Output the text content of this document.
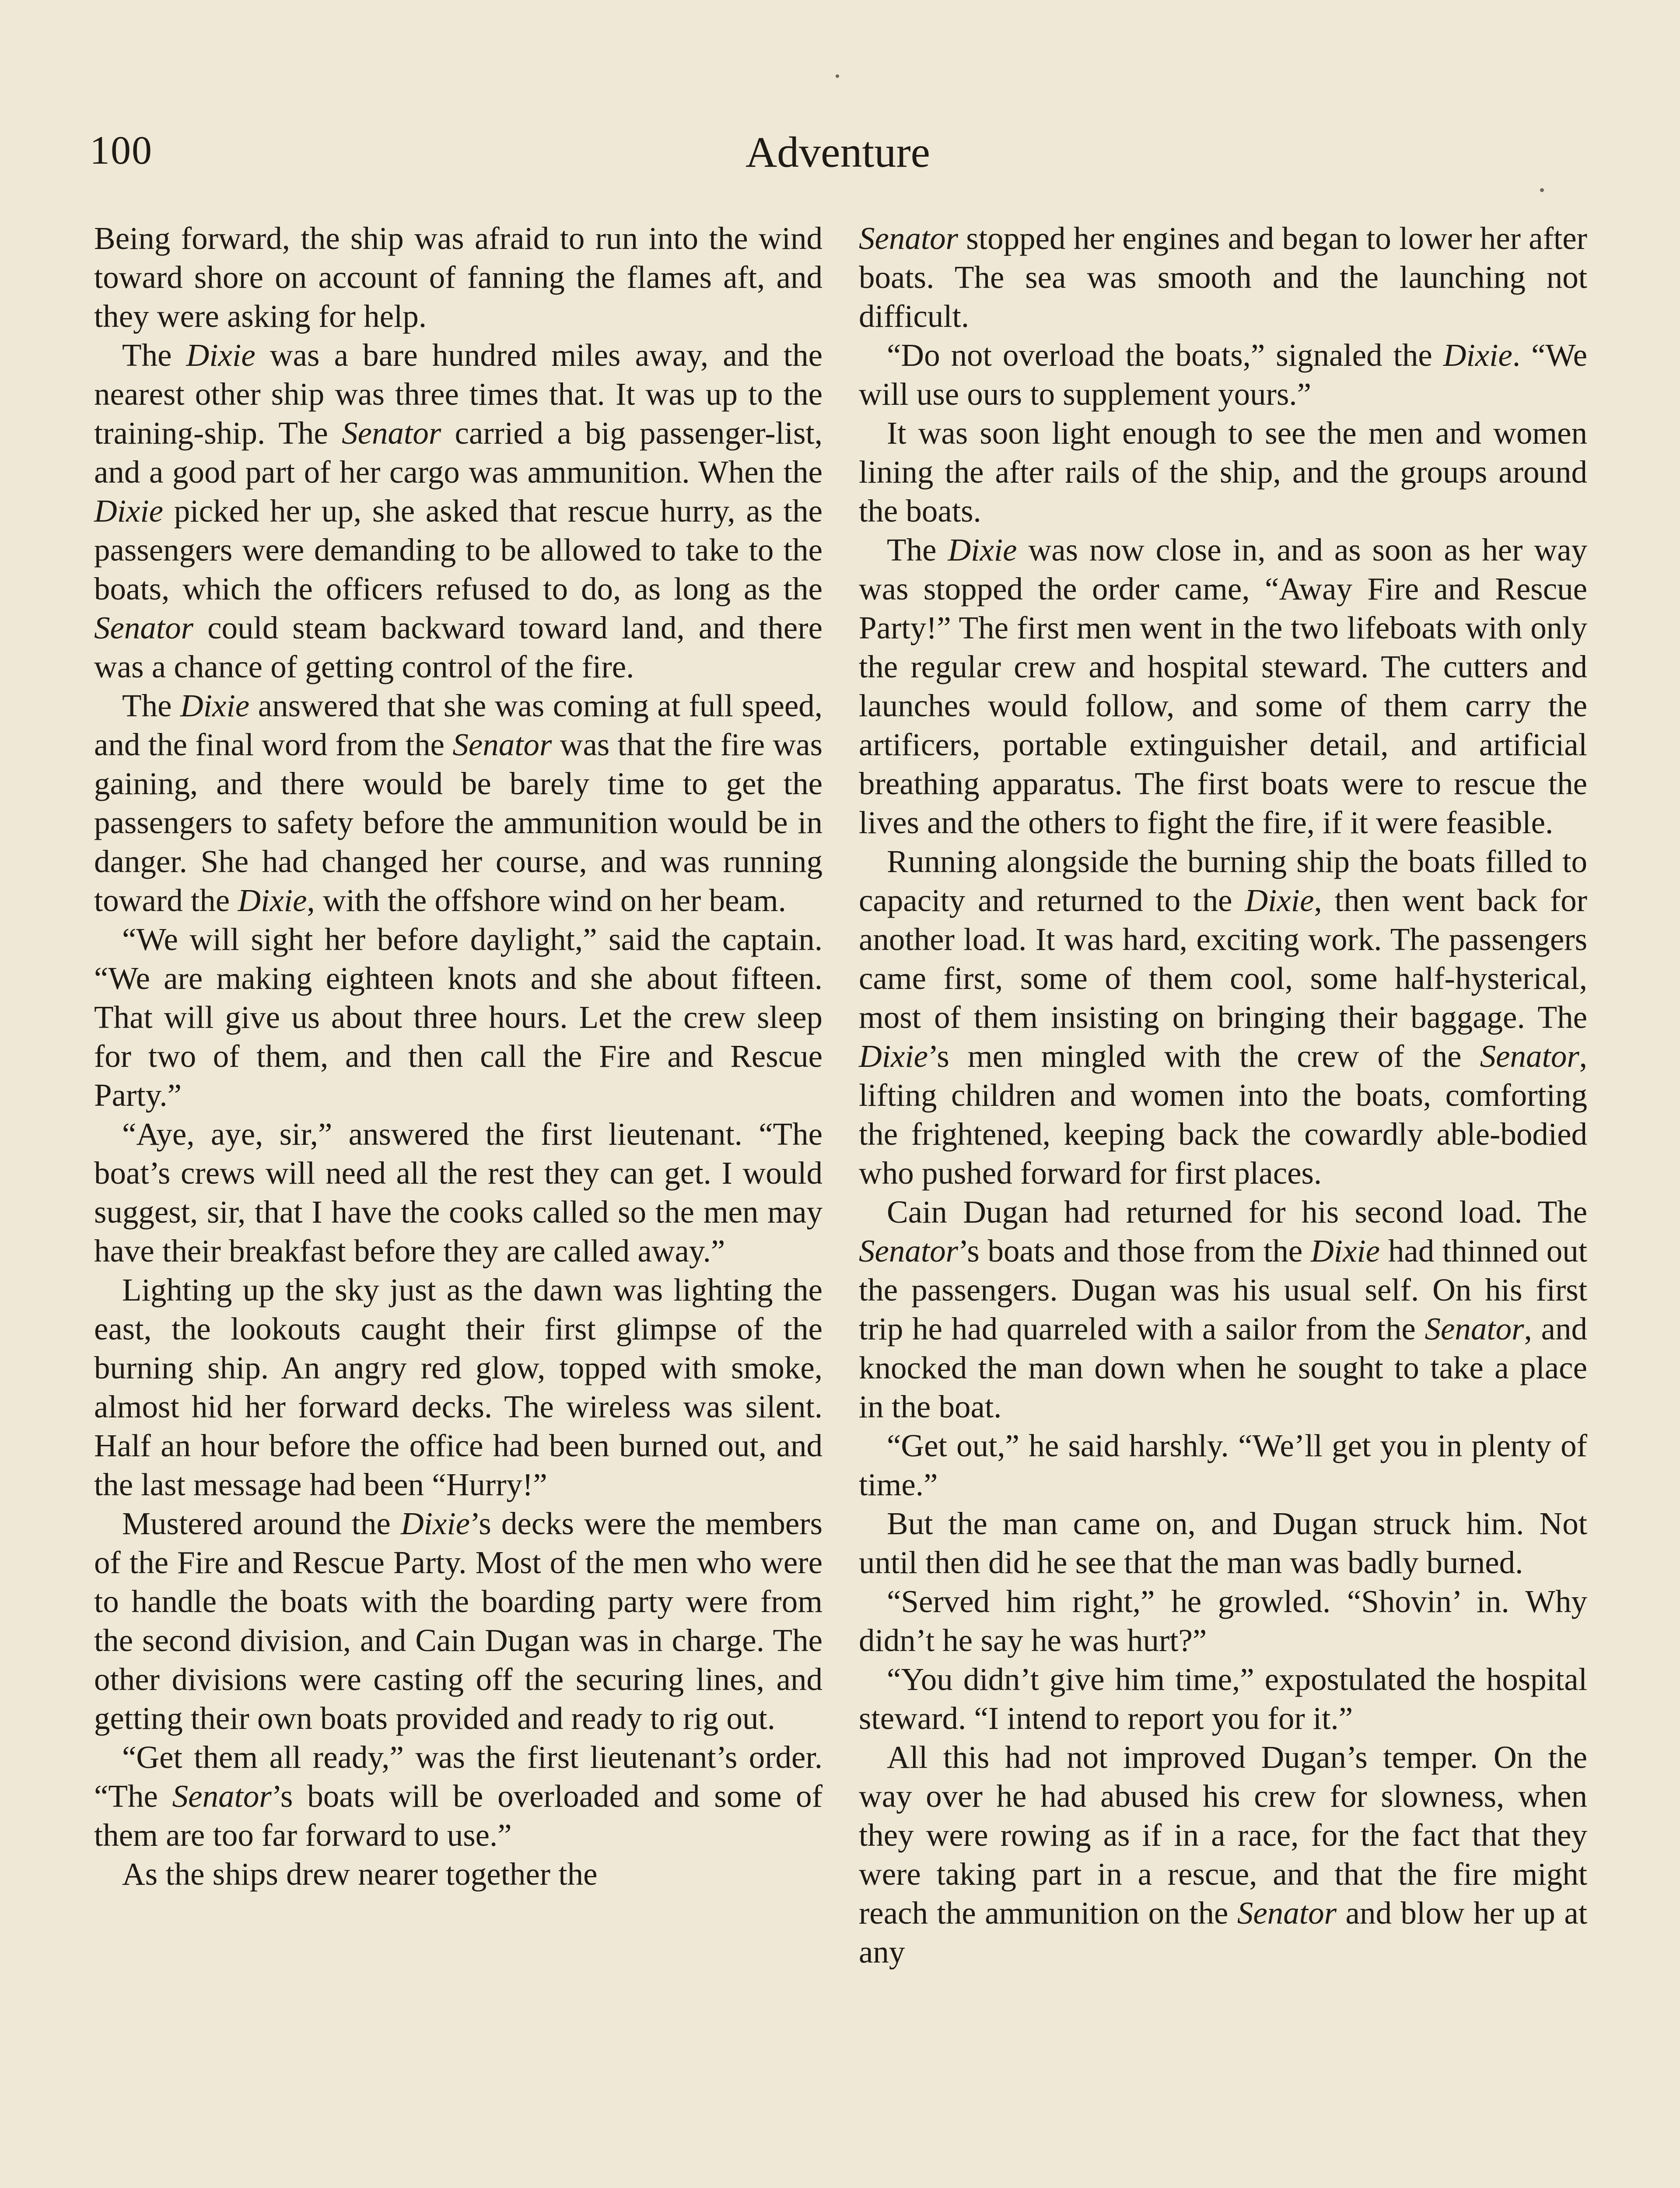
100	Adventure

Being forward, the ship was afraid to run into the wind toward shore on account of fanning the flames aft, and they were asking for help.

The Dixie was a bare hundred miles away, and the nearest other ship was three times that. It was up to the training-ship. The Senator carried a big passenger-list, and a good part of her cargo was ammunition. When the Dixie picked her up, she asked that rescue hurry, as the passengers were demanding to be allowed to take to the boats, which the officers refused to do, as long as the Senator could steam backward toward land, and there was a chance of getting control of the fire.

The Dixie answered that she was coming at full speed, and the final word from the Senator was that the fire was gaining, and there would be barely time to get the passengers to safety before the ammunition would be in danger. She had changed her course, and was running toward the Dixie, with the offshore wind on her beam.

“We will sight her before daylight,” said the captain. “We are making eighteen knots and she about fifteen. That will give us about three hours. Let the crew sleep for two of them, and then call the Fire and Rescue Party.”

“Aye, aye, sir,” answered the first lieutenant. “The boat’s crews will need all the rest they can get. I would suggest, sir, that I have the cooks called so the men may have their breakfast before they are called away.”

Lighting up the sky just as the dawn was lighting the east, the lookouts caught their first glimpse of the burning ship. An angry red glow, topped with smoke, almost hid her forward decks. The wireless was silent. Half an hour before the office had been burned out, and the last message had been “Hurry!”

Mustered around the Dixie’s decks were the members of the Fire and Rescue Party. Most of the men who were to handle the boats with the boarding party were from the second division, and Cain Dugan was in charge. The other divisions were casting off the securing lines, and getting their own boats provided and ready to rig out.

“Get them all ready,” was the first lieutenant’s order. “The Senator’s boats will be overloaded and some of them are too far forward to use.”

As the ships drew nearer together the

Senator stopped her engines and began to lower her after boats. The sea was smooth and the launching not difficult.

“Do not overload the boats,” signaled the Dixie. “We will use ours to supplement yours.”

It was soon light enough to see the men and women lining the after rails of the ship, and the groups around the boats.

The Dixie was now close in, and as soon as her way was stopped the order came, “Away Fire and Rescue Party!” The first men went in the two lifeboats with only the regular crew and hospital steward. The cutters and launches would follow, and some of them carry the artificers, portable extinguisher detail, and artificial breathing apparatus. The first boats were to rescue the lives and the others to fight the fire, if it were feasible.

Running alongside the burning ship the boats filled to capacity and returned to the Dixie, then went back for another load. It was hard, exciting work. The passengers came first, some of them cool, some half-hysterical, most of them insisting on bringing their baggage. The Dixie’s men mingled with the crew of the Senator, lifting children and women into the boats, comforting the frightened, keeping back the cowardly able-bodied who pushed forward for first places.

Cain Dugan had returned for his second load. The Senator’s boats and those from the Dixie had thinned out the passengers. Dugan was his usual self. On his first trip he had quarreled with a sailor from the Senator, and knocked the man down when he sought to take a place in the boat.

“Get out,” he said harshly. “We’ll get you in plenty of time.”

But the man came on, and Dugan struck him. Not until then did he see that the man was badly burned.

“Served him right,” he growled. “Shovin’ in. Why didn’t he say he was hurt?”

“You didn’t give him time,” expostulated the hospital steward. “I intend to report you for it.”

All this had not improved Dugan’s temper. On the way over he had abused his crew for slowness, when they were rowing as if in a race, for the fact that they were taking part in a rescue, and that the fire might reach the ammunition on the Senator and blow her up at any
